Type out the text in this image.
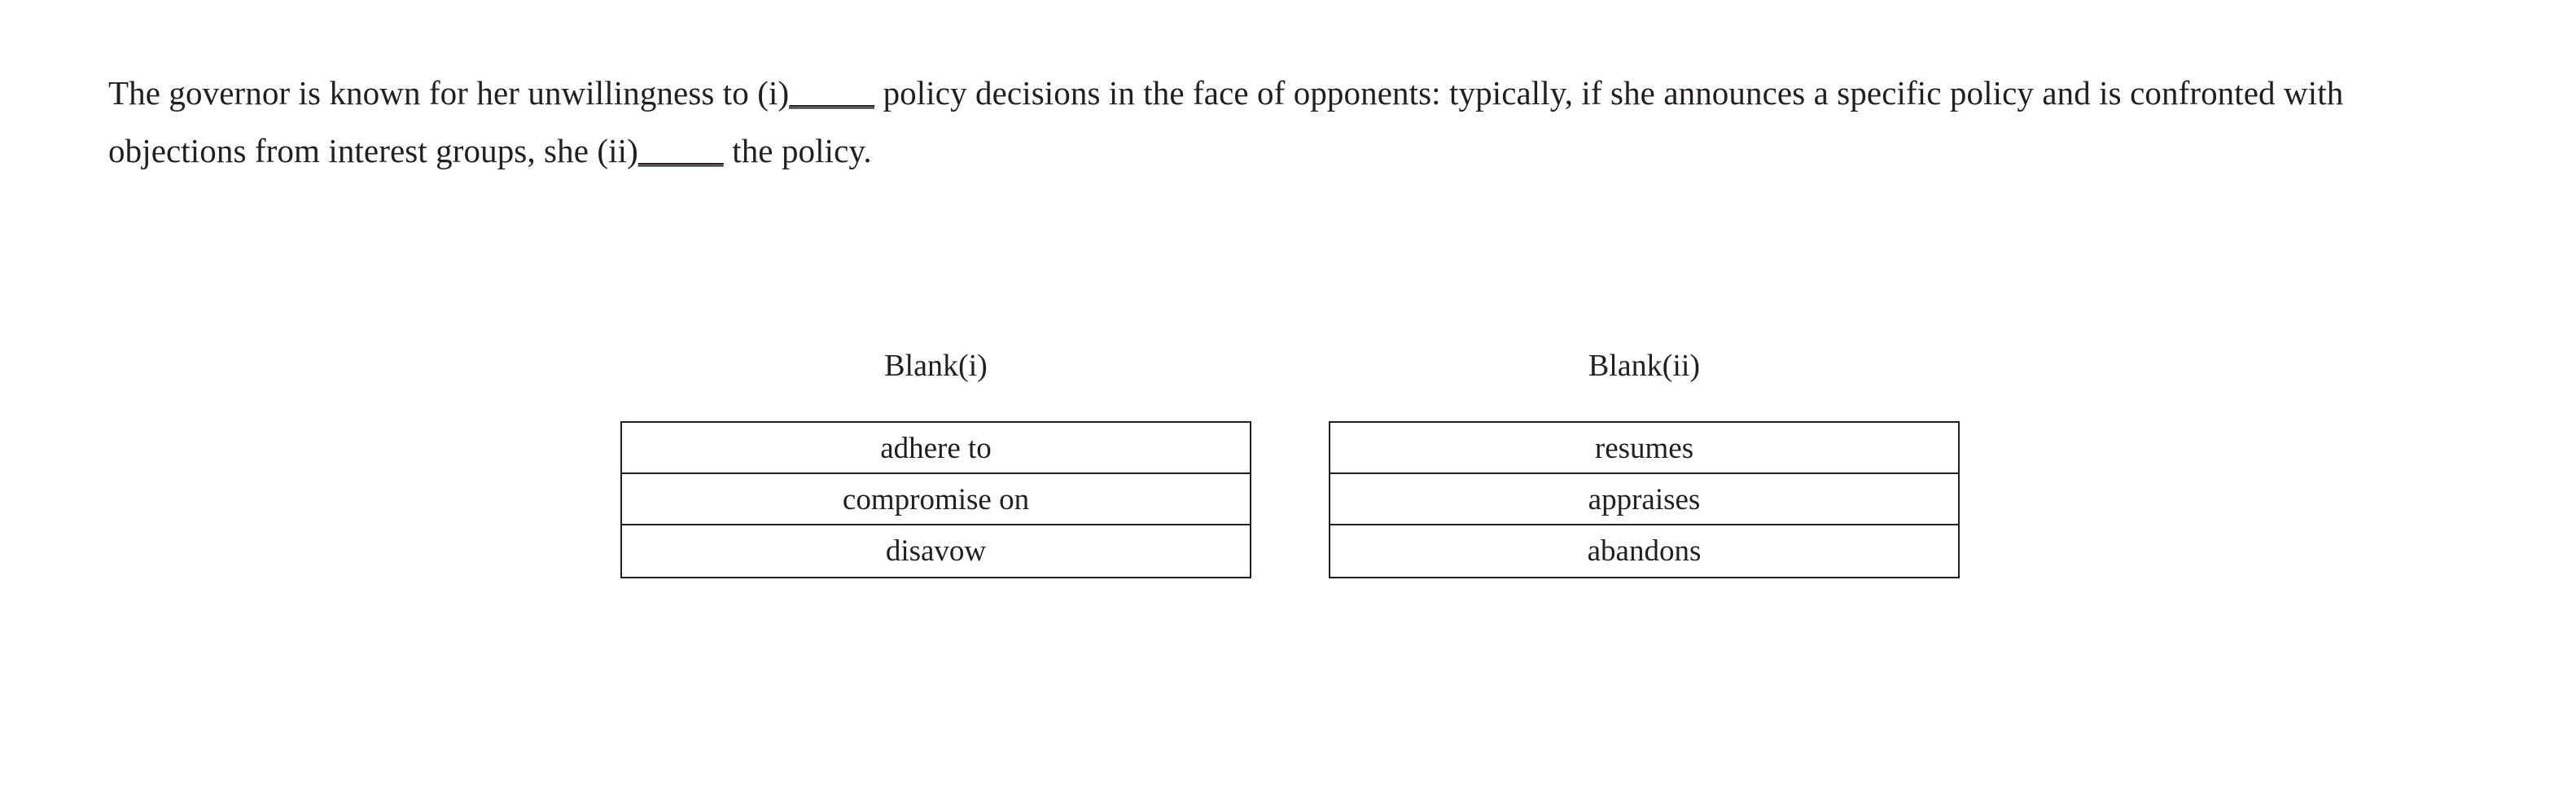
The governor is known for her unwillingness to (i)_____ policy decisions in the face of opponents: typically, if she announces a specific policy and is confronted with objections from interest groups, she (ii)_____ the policy.

Blank(i)
adhere to
compromise on
disavow
Blank(ii)
resumes
appraises
abandons
